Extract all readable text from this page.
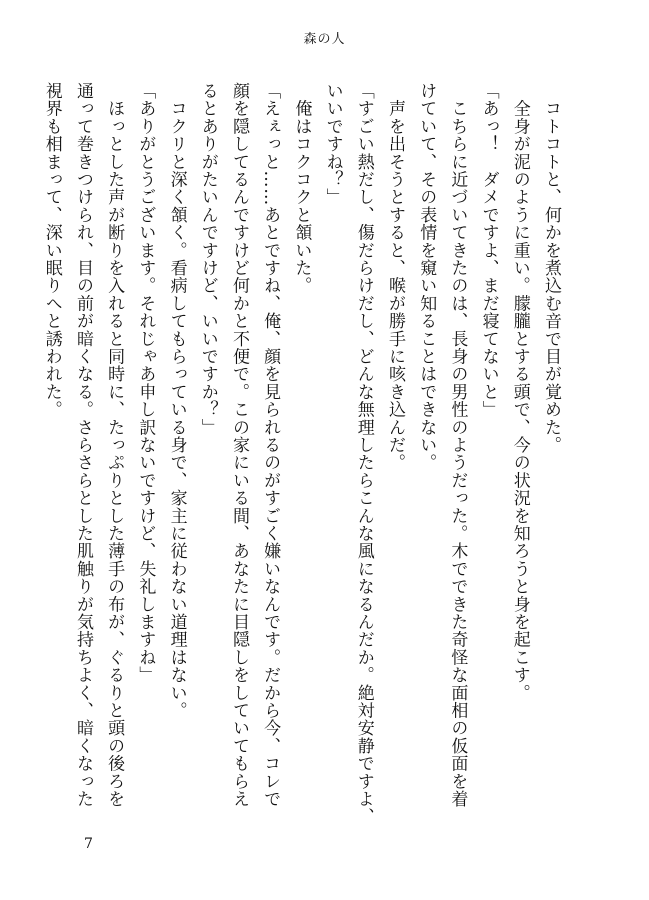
森の人
　コトコトと、何かを煮込む音で目が覚めた。
　全身が泥のように重い。朦朧とする頭で、今の状況を知ろうと身を起こす。
「あっ！　ダメですよ、まだ寝てないと」
　こちらに近づいてきたのは、長身の男性のようだった。木でできた奇怪な面相の仮面を着
けていて、その表情を窺い知ることはできない。
　声を出そうとすると、喉が勝手に咳き込んだ。
「すごい熱だし、傷だらけだし、どんな無理したらこんな風になるんだか。絶対安静ですよ、
いいですね？」
　俺はコクコクと頷いた。
「えぇっと……あとですね、俺、顔を見られるのがすごく嫌いなんです。だから今、コレで
顔を隠してるんですけど何かと不便で。この家にいる間、あなたに目隠しをしていてもらえ
るとありがたいんですけど、いいですか？」
　コクリと深く頷く。看病してもらっている身で、家主に従わない道理はない。
「ありがとうございます。それじゃあ申し訳ないですけど、失礼しますね」
　ほっとした声が断りを入れると同時に、たっぷりとした薄手の布が、ぐるりと頭の後ろを
通って巻きつけられ、目の前が暗くなる。さらさらとした肌触りが気持ちよく、暗くなった
視界も相まって、深い眠りへと誘われた。
7
